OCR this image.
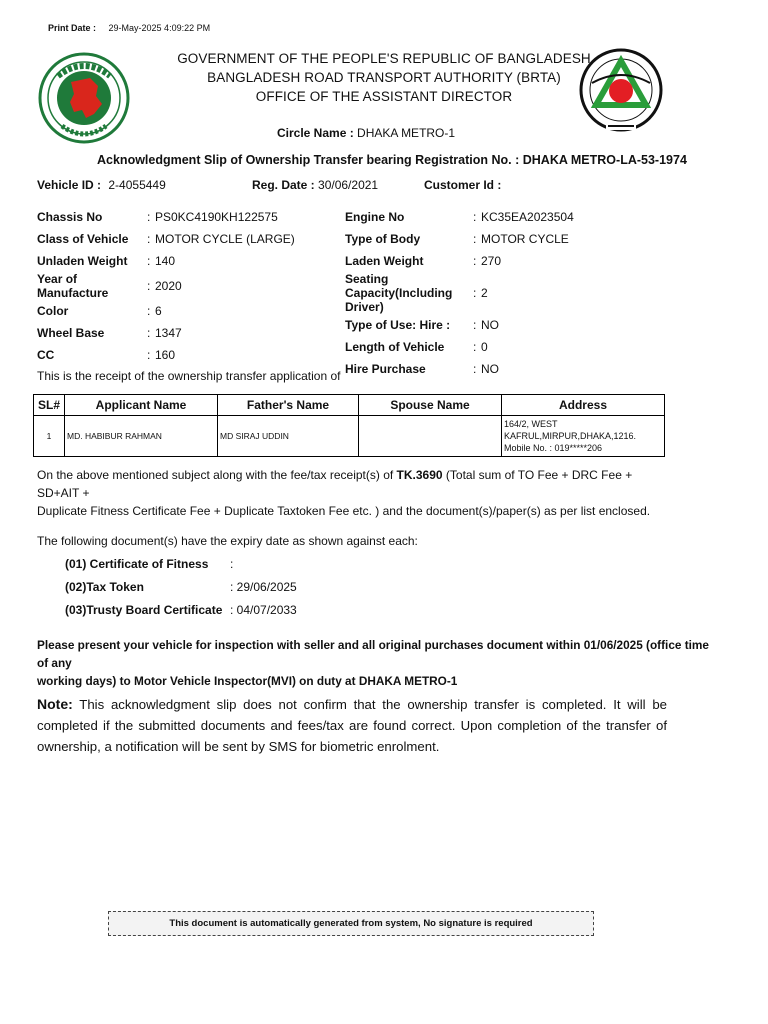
Print Date : 29-May-2025 4:09:22 PM
GOVERNMENT OF THE PEOPLE'S REPUBLIC OF BANGLADESH
BANGLADESH ROAD TRANSPORT AUTHORITY (BRTA)
OFFICE OF THE ASSISTANT DIRECTOR
Circle Name : DHAKA METRO-1
Acknowledgment Slip of Ownership Transfer bearing Registration No. : DHAKA METRO-LA-53-1974
Vehicle ID : 2-4055449	Reg. Date : 30/06/2021	Customer Id :
Chassis No	:	PS0KC4190KH122575
Class of Vehicle	:	MOTOR CYCLE (LARGE)
Unladen Weight	:	140
Year of Manufacture	:	2020
Color	:	6
Wheel Base	:	1347
CC	:	160
Engine No	:	KC35EA2023504
Type of Body	:	MOTOR CYCLE
Laden Weight	:	270
Seating Capacity(Including Driver)	:	2
Type of Use: Hire :	:	NO
Length of Vehicle	:	0
Hire Purchase	:	NO
This is the receipt of the ownership transfer application of
SL#	Applicant Name	Father's Name	Spouse Name	Address
1	MD. HABIBUR RAHMAN	MD SIRAJ UDDIN		164/2, WEST
KAFRUL,MIRPUR,DHAKA,1216.
Mobile No. : 019*****206
On the above mentioned subject along with the fee/tax receipt(s) of TK.3690 (Total sum of TO Fee + DRC Fee + SD+AIT +
Duplicate Fitness Certificate Fee + Duplicate Taxtoken Fee etc. ) and the document(s)/paper(s) as per list enclosed.
The following document(s) have the expiry date as shown against each:
(01) Certificate of Fitness :
(02)Tax Token	: 29/06/2025
(03)Trusty Board Certificate : 04/07/2033
Please present your vehicle for inspection with seller and all original purchases document within 01/06/2025 (office time of any
working days) to Motor Vehicle Inspector(MVI) on duty at DHAKA METRO-1
Note: This acknowledgment slip does not confirm that the ownership transfer is completed. It will be completed if the submitted documents and fees/tax are found correct. Upon completion of the transfer of ownership, a notification will be sent by SMS for biometric enrolment.
This document is automatically generated from system, No signature is required
